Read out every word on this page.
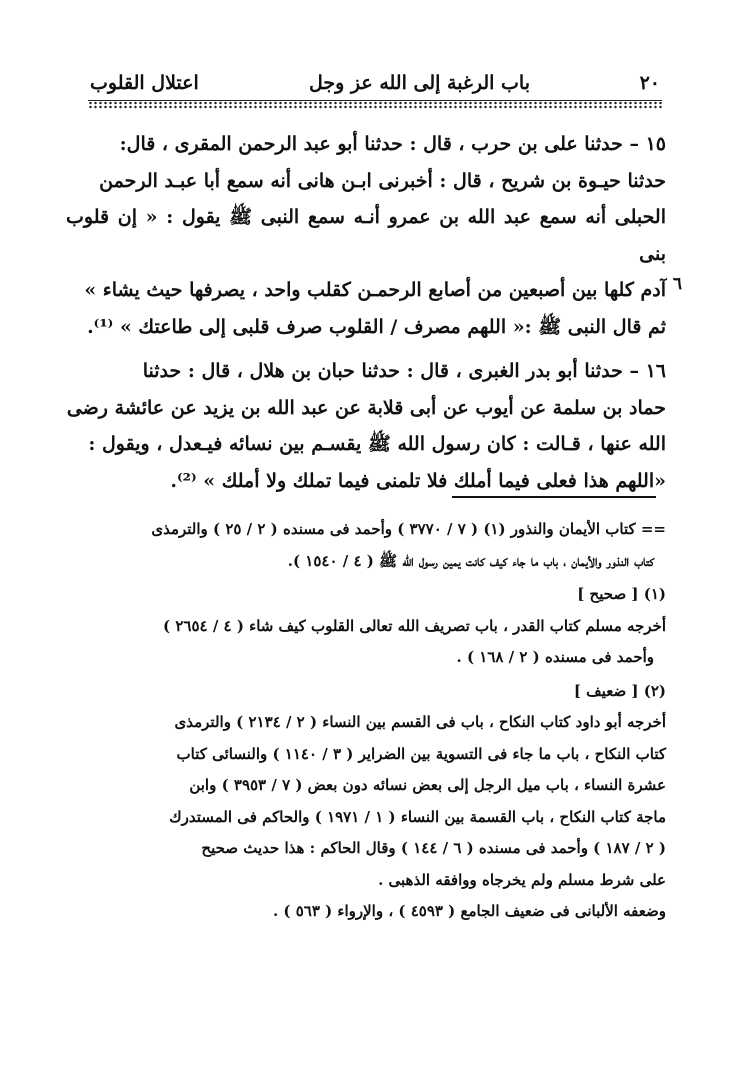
٢٠
باب الرغبة إلى الله عز وجل
اعتلال القلوب

١٥ – حدثنا على بن حرب ، قال : حدثنا أبو عبد الرحمن المقرى ، قال:

حدثنا حيـوة بن شريح ، قال : أخبرنى ابـن هانى أنه سمع أبا عبـد الرحمن

الحبلى أنه سمع عبد الله بن عمرو أنـه سمع النبى ﷺ يقول : « إن قلوب بنى

آدم كلها بين أصبعين من أصابع الرحمـن كقلب واحد ، يصرفها حيث يشاء »

ثم قال النبى ﷺ :« اللهم مصرف / القلوب صرف قلبى إلى طاعتك » ⁽¹⁾.

١٦ – حدثنا أبو بدر الغبرى ، قال : حدثنا حبان بن هلال ، قال : حدثنا

حماد بن سلمة عن أيوب عن أبى قلابة عن عبد الله بن يزيد عن عائشة رضى

الله عنها ، قـالت : كان رسول الله ﷺ يقسـم بين نسائه فيـعدل ، ويقول :

«اللهم هذا فعلى فيما أملك فلا تلمنى فيما تملك ولا أملك » ⁽²⁾.

٦

== كتاب الأيمان والنذور (١) ( ٧ / ٣٧٧٠ ) وأحمد فى مسنده ( ٢ / ٢٥ ) والترمذى

كتاب النذور والأيمان ، باب ما جاء كيف كانت يمين رسول الله ﷺ ( ٤ / ١٥٤٠ ).

(١) [ صحيح ]

أخرجه مسلم كتاب القدر ، باب تصريف الله تعالى القلوب كيف شاء ( ٤ / ٢٦٥٤ )

وأحمد فى مسنده ( ٢ / ١٦٨ ) .

(٢) [ ضعيف ]

أخرجه أبو داود كتاب النكاح ، باب فى القسم بين النساء ( ٢ / ٢١٣٤ ) والترمذى

كتاب النكاح ، باب ما جاء فى التسوية بين الضراير ( ٣ / ١١٤٠ ) والنسائى كتاب

عشرة النساء ، باب ميل الرجل إلى بعض نسائه دون بعض ( ٧ / ٣٩٥٣ ) وابن

ماجة كتاب النكاح ، باب القسمة بين النساء ( ١ / ١٩٧١ ) والحاكم فى المستدرك

( ٢ / ١٨٧ ) وأحمد فى مسنده ( ٦ / ١٤٤ ) وقال الحاكم : هذا حديث صحيح

على شرط مسلم ولم يخرجاه ووافقه الذهبى .

وضعفه الألبانى فى ضعيف الجامع ( ٤٥٩٣ ) ، والإرواء ( ٥٦٣ ) .
